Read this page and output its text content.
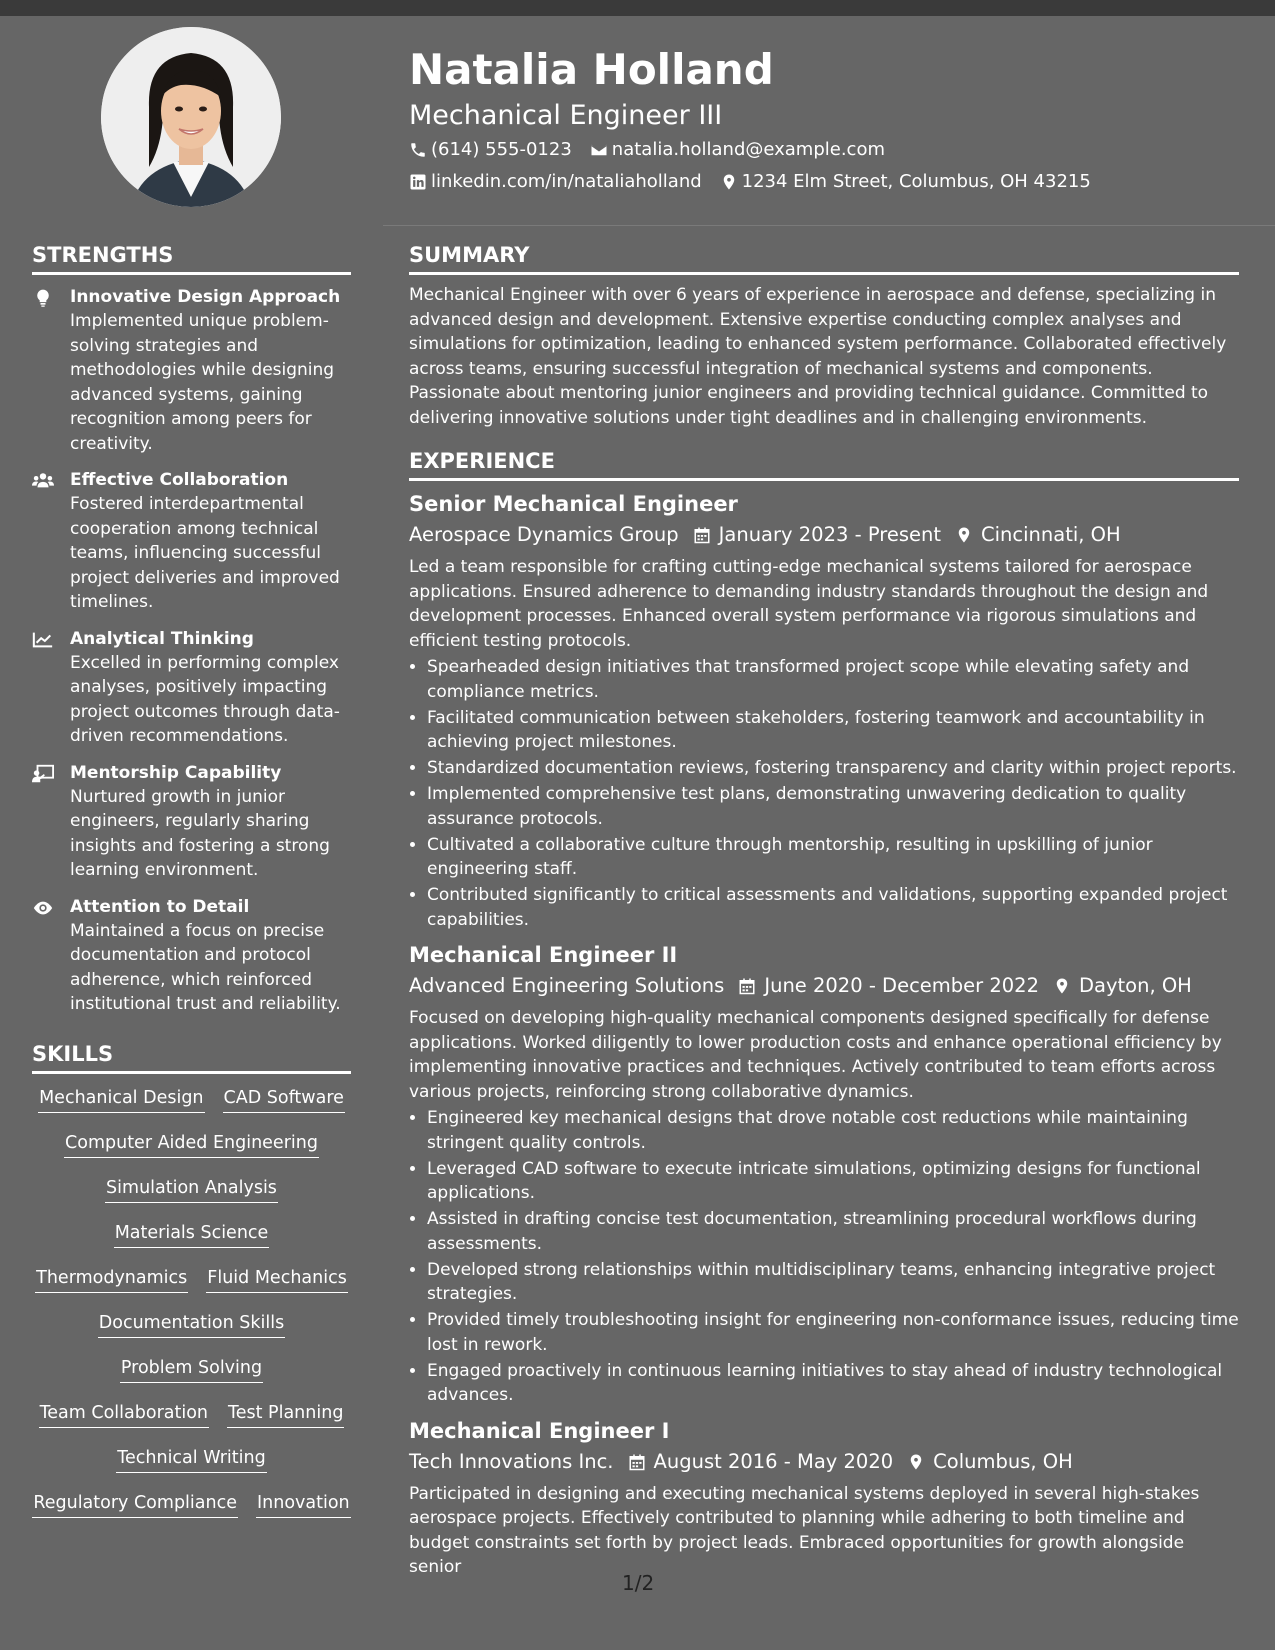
Natalia Holland
Mechanical Engineer III
(614) 555-0123 natalia.holland@example.com
linkedin.com/in/nataliaholland 1234 Elm Street, Columbus, OH 43215
STRENGTHS
Innovative Design Approach
Implemented unique problem-solving strategies and methodologies while designing advanced systems, gaining recognition among peers for creativity.
Effective Collaboration
Fostered interdepartmental cooperation among technical teams, influencing successful project deliveries and improved timelines.
Analytical Thinking
Excelled in performing complex analyses, positively impacting project outcomes through data-driven recommendations.
Mentorship Capability
Nurtured growth in junior engineers, regularly sharing insights and fostering a strong learning environment.
Attention to Detail
Maintained a focus on precise documentation and protocol adherence, which reinforced institutional trust and reliability.
SKILLS
Mechanical Design CAD Software
Computer Aided Engineering
Simulation Analysis
Materials Science
Thermodynamics Fluid Mechanics
Documentation Skills
Problem Solving
Team Collaboration Test Planning
Technical Writing
Regulatory Compliance Innovation
SUMMARY

Mechanical Engineer with over 6 years of experience in aerospace and defense, specializing in advanced design and development. Extensive expertise conducting complex analyses and simulations for optimization, leading to enhanced system performance. Collaborated effectively across teams, ensuring successful integration of mechanical systems and components. Passionate about mentoring junior engineers and providing technical guidance. Committed to delivering innovative solutions under tight deadlines and in challenging environments.

EXPERIENCE
Senior Mechanical Engineer
Aerospace Dynamics Group January 2023 - Present Cincinnati, OH

Led a team responsible for crafting cutting-edge mechanical systems tailored for aerospace applications. Ensured adherence to demanding industry standards throughout the design and development processes. Enhanced overall system performance via rigorous simulations and efficient testing protocols.

• Spearheaded design initiatives that transformed project scope while elevating safety and compliance metrics.
• Facilitated communication between stakeholders, fostering teamwork and accountability in achieving project milestones.
• Standardized documentation reviews, fostering transparency and clarity within project reports.
• Implemented comprehensive test plans, demonstrating unwavering dedication to quality assurance protocols.
• Cultivated a collaborative culture through mentorship, resulting in upskilling of junior engineering staff.
• Contributed significantly to critical assessments and validations, supporting expanded project capabilities.
Mechanical Engineer II
Advanced Engineering Solutions June 2020 - December 2022 Dayton, OH

Focused on developing high-quality mechanical components designed specifically for defense applications. Worked diligently to lower production costs and enhance operational efficiency by implementing innovative practices and techniques. Actively contributed to team efforts across various projects, reinforcing strong collaborative dynamics.

• Engineered key mechanical designs that drove notable cost reductions while maintaining stringent quality controls.
• Leveraged CAD software to execute intricate simulations, optimizing designs for functional applications.
• Assisted in drafting concise test documentation, streamlining procedural workflows during assessments.
• Developed strong relationships within multidisciplinary teams, enhancing integrative project strategies.
• Provided timely troubleshooting insight for engineering non-conformance issues, reducing time lost in rework.
• Engaged proactively in continuous learning initiatives to stay ahead of industry technological advances.
Mechanical Engineer I
Tech Innovations Inc. August 2016 - May 2020 Columbus, OH

Participated in designing and executing mechanical systems deployed in several high-stakes aerospace projects. Effectively contributed to planning while adhering to both timeline and budget constraints set forth by project leads. Embraced opportunities for growth alongside senior

1/2
